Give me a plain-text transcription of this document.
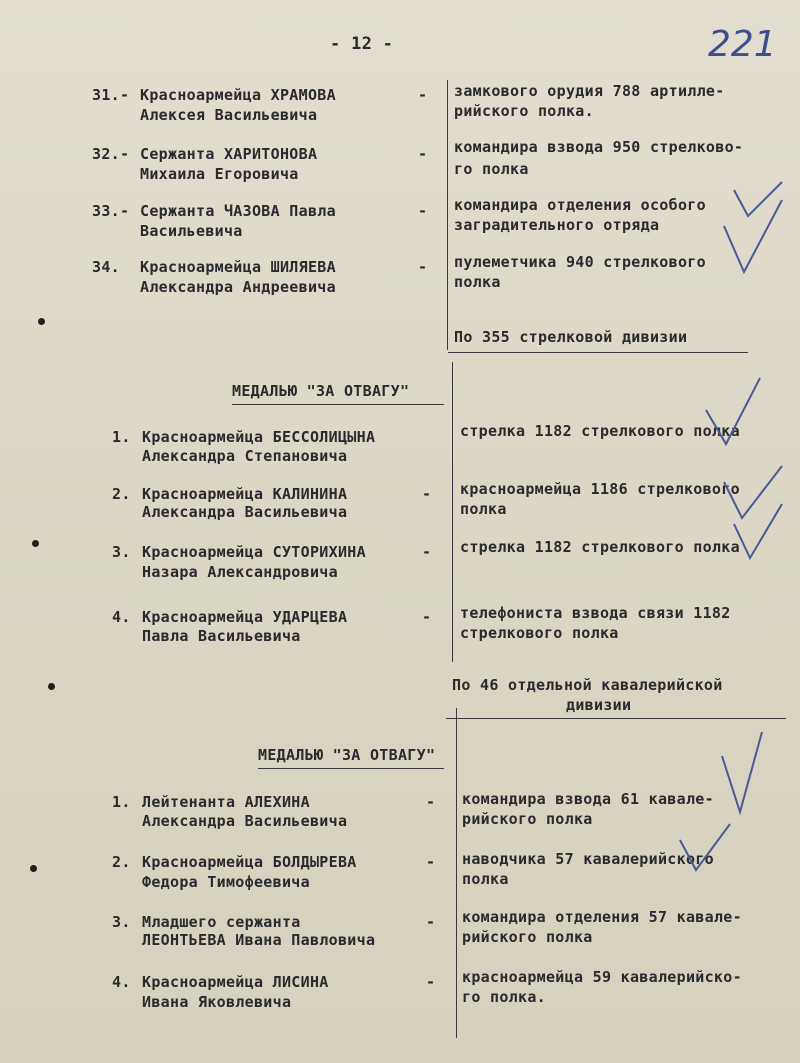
- 12 -	221
31.- Красноармейца ХРАМОВА
Алексея Васильевича
- замкового орудия 788 артилле-
рийского полка.
32.- Сержанта ХАРИТОНОВА
Михаила Егоровича
- командира взвода 950 стрелково-
го полка
33.- Сержанта ЧАЗОВА Павла
Васильевича
- командира отделения особого
заградительного отряда
34. Красноармейца ШИЛЯЕВА
Александра Андреевича
- пулеметчика 940 стрелкового
полка
По 355 стрелковой дивизии
МЕДАЛЬЮ "ЗА ОТВАГУ"
1. Красноармейца БЕССОЛИЦЫНА
Александра Степановича
стрелка 1182 стрелкового полка
2. Красноармейца КАЛИНИНА
Александра Васильевича
- красноармейца 1186 стрелкового
полка
3. Красноармейца СУТОРИХИНА
Назара Александровича
- стрелка 1182 стрелкового полка
4. Красноармейца УДАРЦЕВА
Павла Васильевича
- телефониста взвода связи 1182
стрелкового полка
По 46 отдельной кавалерийской
дивизии
МЕДАЛЬЮ "ЗА ОТВАГУ"
1. Лейтенанта АЛЕХИНА
Александра Васильевича
- командира взвода 61 кавале-
рийского полка
2. Красноармейца БОЛДЫРЕВА
Федора Тимофеевича
- наводчика 57 кавалерийского
полка
3. Младшего сержанта
ЛЕОНТЬЕВА Ивана Павловича
- командира отделения 57 кавале-
рийского полка
4. Красноармейца ЛИСИНА
Ивана Яковлевича
- красноармейца 59 кавалерийско-
го полка.
